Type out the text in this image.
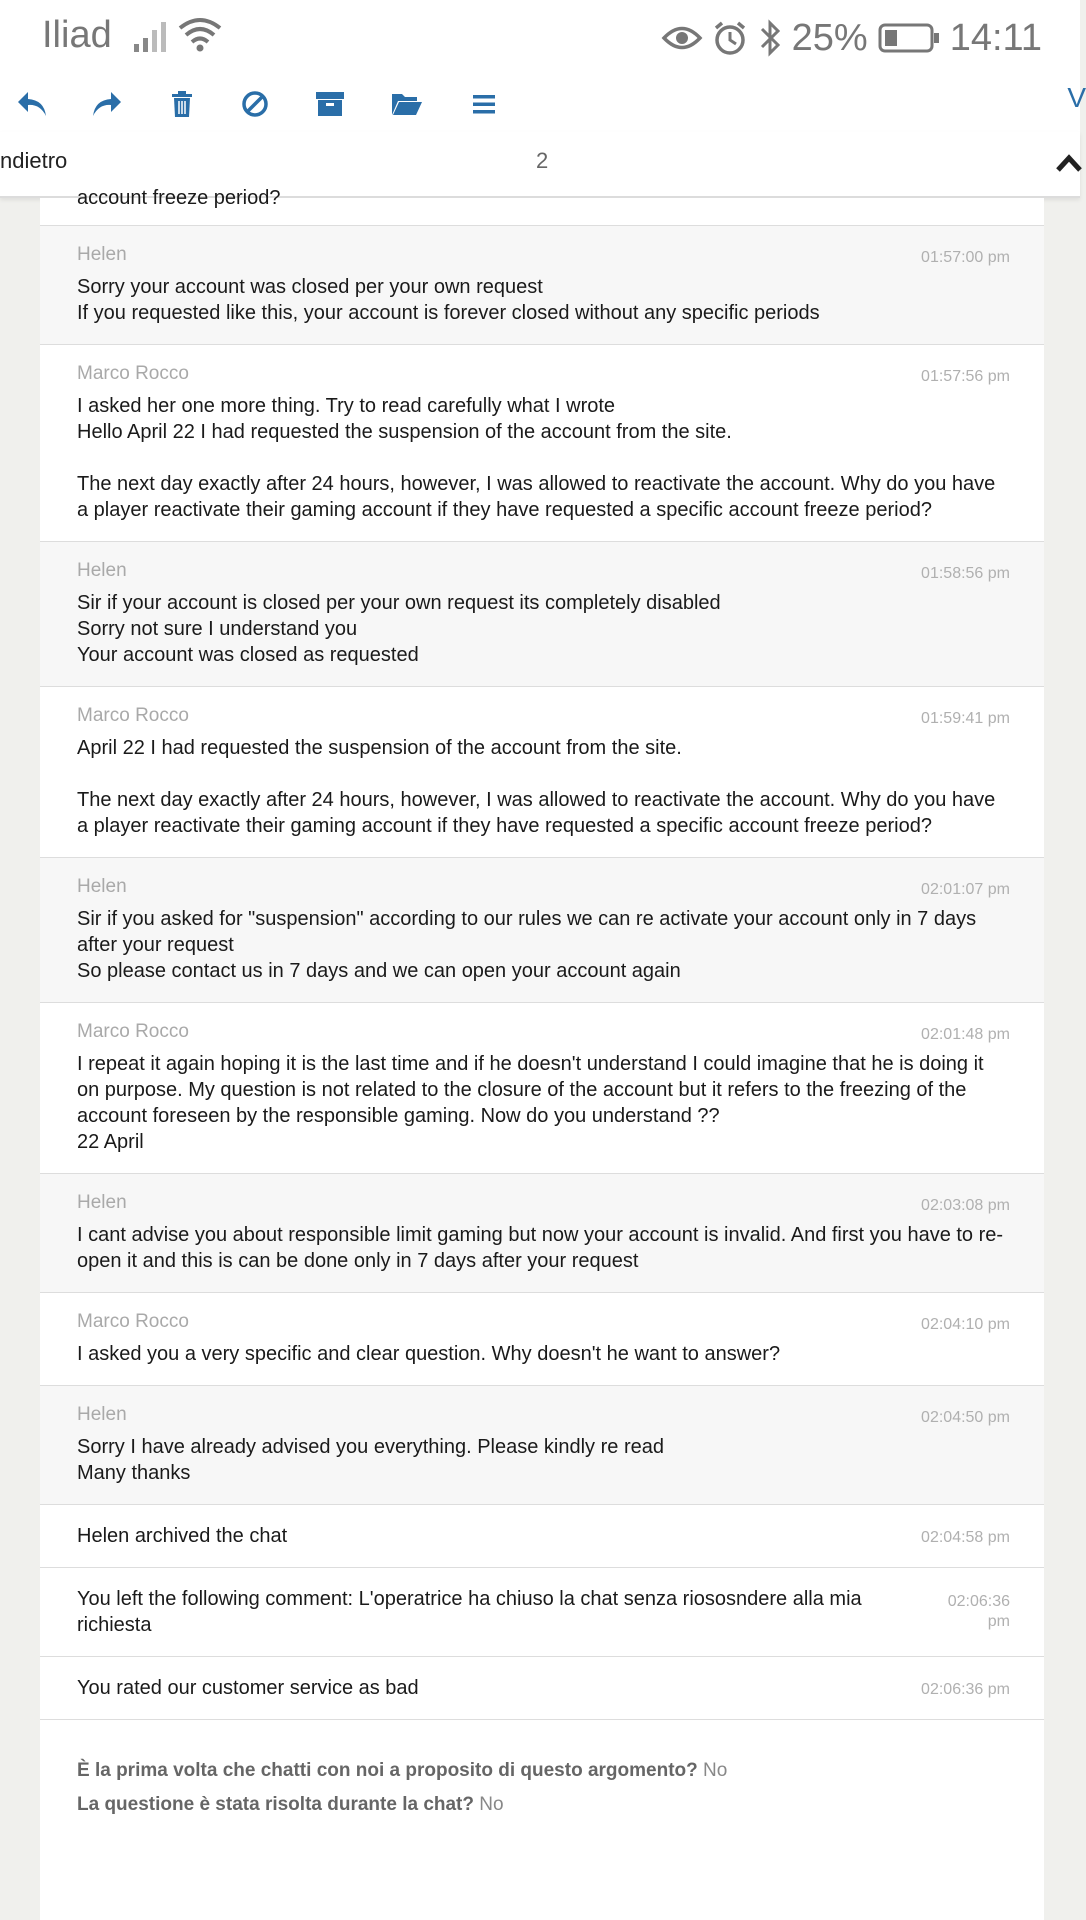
Iliad	25% 14:11
V
ndietro	2
account freeze period?
Helen	01:57:00 pm
Sorry your account was closed per your own request
If you requested like this, your account is forever closed without any specific periods
Marco Rocco	01:57:56 pm
I asked her one more thing. Try to read carefully what I wrote
Hello April 22 I had requested the suspension of the account from the site.

The next day exactly after 24 hours, however, I was allowed to reactivate the account. Why do you have a player reactivate their gaming account if they have requested a specific account freeze period?
Helen	01:58:56 pm
Sir if your account is closed per your own request its completely disabled
Sorry not sure I understand you
Your account was closed as requested
Marco Rocco	01:59:41 pm
April 22 I had requested the suspension of the account from the site.

The next day exactly after 24 hours, however, I was allowed to reactivate the account. Why do you have a player reactivate their gaming account if they have requested a specific account freeze period?
Helen	02:01:07 pm
Sir if you asked for "suspension" according to our rules we can re activate your account only in 7 days after your request
So please contact us in 7 days and we can open your account again
Marco Rocco	02:01:48 pm
I repeat it again hoping it is the last time and if he doesn't understand I could imagine that he is doing it on purpose. My question is not related to the closure of the account but it refers to the freezing of the account foreseen by the responsible gaming. Now do you understand ??
22 April
Helen	02:03:08 pm
I cant advise you about responsible limit gaming but now your account is invalid. And first you have to re-open it and this is can be done only in 7 days after your request
Marco Rocco	02:04:10 pm
I asked you a very specific and clear question. Why doesn't he want to answer?
Helen	02:04:50 pm
Sorry I have already advised you everything. Please kindly re read
Many thanks
02:04:58 pm
Helen archived the chat
02:06:36 pm
You left the following comment: L'operatrice ha chiuso la chat senza riososndere alla mia richiesta
02:06:36 pm
You rated our customer service as bad
È la prima volta che chatti con noi a proposito di questo argomento? No
La questione è stata risolta durante la chat? No
